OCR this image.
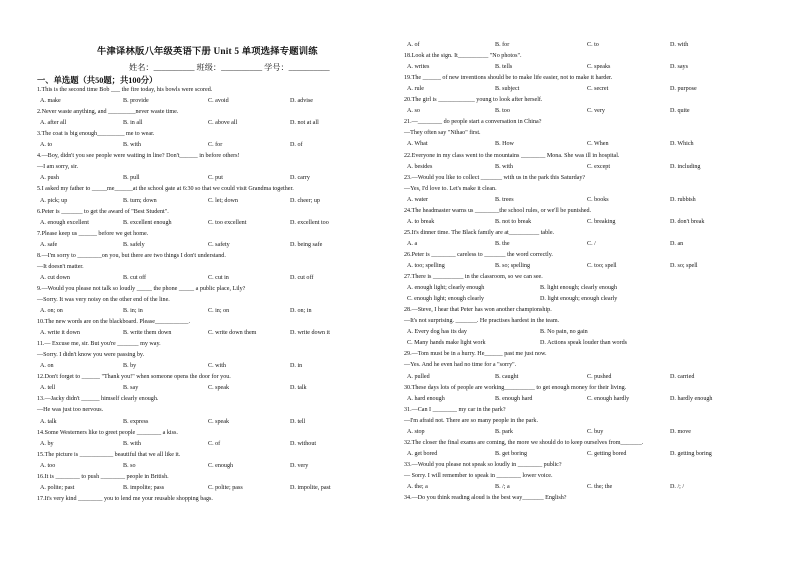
牛津译林版八年级英语下册 Unit 5 单项选择专题训练
姓名：__________ 班级：__________ 学号：__________
一、单选题（共50题；共100分）
1.This is the second time Bob ___ the fire today, his bowls were scored.
A. make	B. provide	C. avoid	D. advise
2.Never waste anything, and _________never waste time.
A. after all	B. in all	C. above all	D. not at all
3.The coat is big enough_________ me to wear.
A. to	B. with	C. for	D. of
4.—Boy, didn't you see people were waiting in line? Don't______ in before others!
—I am sorry, sir.
A. push	B. pull	C. put	D. carry
5.I asked my father to _____me______at the school gate at 6:30 so that we could visit Grandma together.
A. pick; up	B. turn; down	C. let; down	D. cheer; up
6.Peter is _______ to get the award of "Best Student".
A. enough excellent	B. excellent enough	C. too excellent	D. excellent too
7.Please keep us ______ before we get home.
A. safe	B. safely	C. safety	D. being safe
8.—I'm sorry to ________on you, but there are two things I don't understand.
—It doesn't matter.
A. cut down	B. cut off	C. cut in	D. cut off
9.—Would you please not talk so loudly _____ the phone _____ a public place, Lily?
—Sorry. It was very noisy on the other end of the line.
A. on; on	B. in; in	C. in; on	D. on; in
10.The new words are on the blackboard. Please___________.
A. write it down	B. write them down	C. write down them	D. write down it
11.— Excuse me, sir. But you're _______ my way.
—Sorry. I didn't know you were passing by.
A. on	B. by	C. with	D. in
12.Don't forget to ______ "Thank you!" when someone opens the door for you.
A. tell	B. say	C. speak	D. talk
13.—Jacky didn't ______ himself clearly enough.
—He was just too nervous.
A. talk	B. express	C. speak	D. tell
14.Some Westerners like to greet people ________ a kiss.
A. by	B. with	C. of	D. without
15.The picture is ___________ beautiful that we all like it.
A. too	B. so	C. enough	D. very
16.It is ________ to push ________ people in British.
A. polite; past	B. impolite; pass	C. polite; pass	D. impolite, past
17.It's very kind ________ you to lend me your reusable shopping bags.
A. of	B. for	C. to	D. with
18.Look at the sign. It__________ "No photos".
A. writes	B. tells	C. speaks	D. says
19.The ______ of new inventions should be to make life easier, not to make it harder.
A. rule	B. subject	C. secret	D. purpose
20.The girl is ____________ young to look after herself.
A. so	B. too	C. very	D. quite
21.—________ do people start a conversation in China?
—They often say "Nihao" first.
A. What	B. How	C. When	D. Which
22.Everyone in my class went to the mountains ________ Mona. She was ill in hospital.
A. besides	B. with	C. except	D. including
23.—Would you like to collect _______ with us in the park this Saturday?
—Yes, I'd love to. Let's make it clean.
A. water	B. trees	C. books	D. rubbish
24.The headmaster warns us ________the school rules, or we'll be punished.
A. to break	B. not to break	C. breaking	D. don't break
25.It's dinner time. The Black family are at__________ table.
A. a	B. the	C. /	D. an
26.Peter is ________ careless to _______ the word correctly.
A. too; spelling	B. so; spelling	C. too; spell	D. so; spell
27.There is __________ in the classroom, so we can see.
A. enough light; clearly enough	B. light enough; clearly enough
C. enough light; enough clearly	D. light enough; enough clearly
28.—Steve, I hear that Peter has won another championship.
—It's not surprising. _______. He practises hardest in the team.
A. Every dog has its day	B. No pain, no gain
C. Many hands make light work	D. Actions speak louder than words
29.—Tom must be in a hurry. He______ past me just now.
—Yes. And he even had no time for a "sorry".
A. pulled	B. caught	C. pushed	D. carried
30.These days lots of people are working__________ to get enough money for their living.
A. hard enough	B. enough hard	C. enough hardly	D. hardly enough
31.—Can I ________ my car in the park?
—I'm afraid not. There are so many people in the park.
A. stop	B. park	C. buy	D. move
32.The closer the final exams are coming, the more we should do to keep ourselves from_______.
A. get bored	B. get boring	C. getting bored	D. getting boring
33.—Would you please not speak so loudly in ________ public?
— Sorry. I will remember to speak in ________ lower voice.
A. the; a	B. /; a	C. the; the	D. /; /
34.—Do you think reading aloud is the best way_______ English?
